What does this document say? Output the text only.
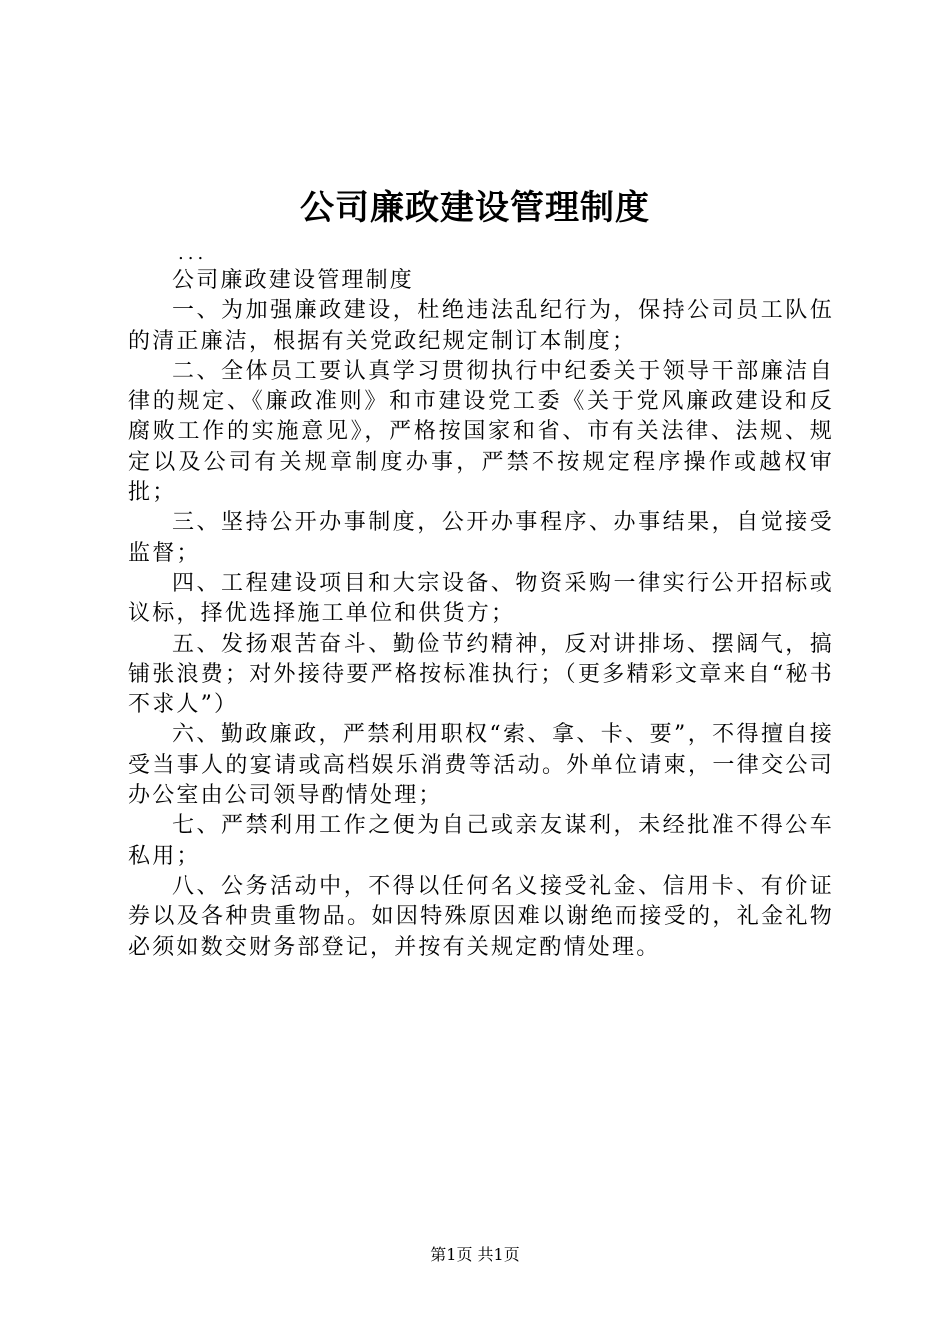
公司廉政建设管理制度
...

公司廉政建设管理制度

一、为加强廉政建设，杜绝违法乱纪行为，保持公司员工队伍的清正廉洁，根据有关党政纪规定制订本制度；

二、全体员工要认真学习贯彻执行中纪委关于领导干部廉洁自律的规定、《廉政准则》和市建设党工委《关于党风廉政建设和反腐败工作的实施意见》，严格按国家和省、市有关法律、法规、规定以及公司有关规章制度办事，严禁不按规定程序操作或越权审批；

三、坚持公开办事制度，公开办事程序、办事结果，自觉接受监督；

四、工程建设项目和大宗设备、物资采购一律实行公开招标或议标，择优选择施工单位和供货方；

五、发扬艰苦奋斗、勤俭节约精神，反对讲排场、摆阔气，搞铺张浪费；对外接待要严格按标准执行；（更多精彩文章来自“秘书不求人”）

六、勤政廉政，严禁利用职权“索、拿、卡、要”，不得擅自接受当事人的宴请或高档娱乐消费等活动。外单位请柬，一律交公司办公室由公司领导酌情处理；

七、严禁利用工作之便为自己或亲友谋利，未经批准不得公车私用；

八、公务活动中，不得以任何名义接受礼金、信用卡、有价证券以及各种贵重物品。如因特殊原因难以谢绝而接受的，礼金礼物必须如数交财务部登记，并按有关规定酌情处理。

第1页 共1页
